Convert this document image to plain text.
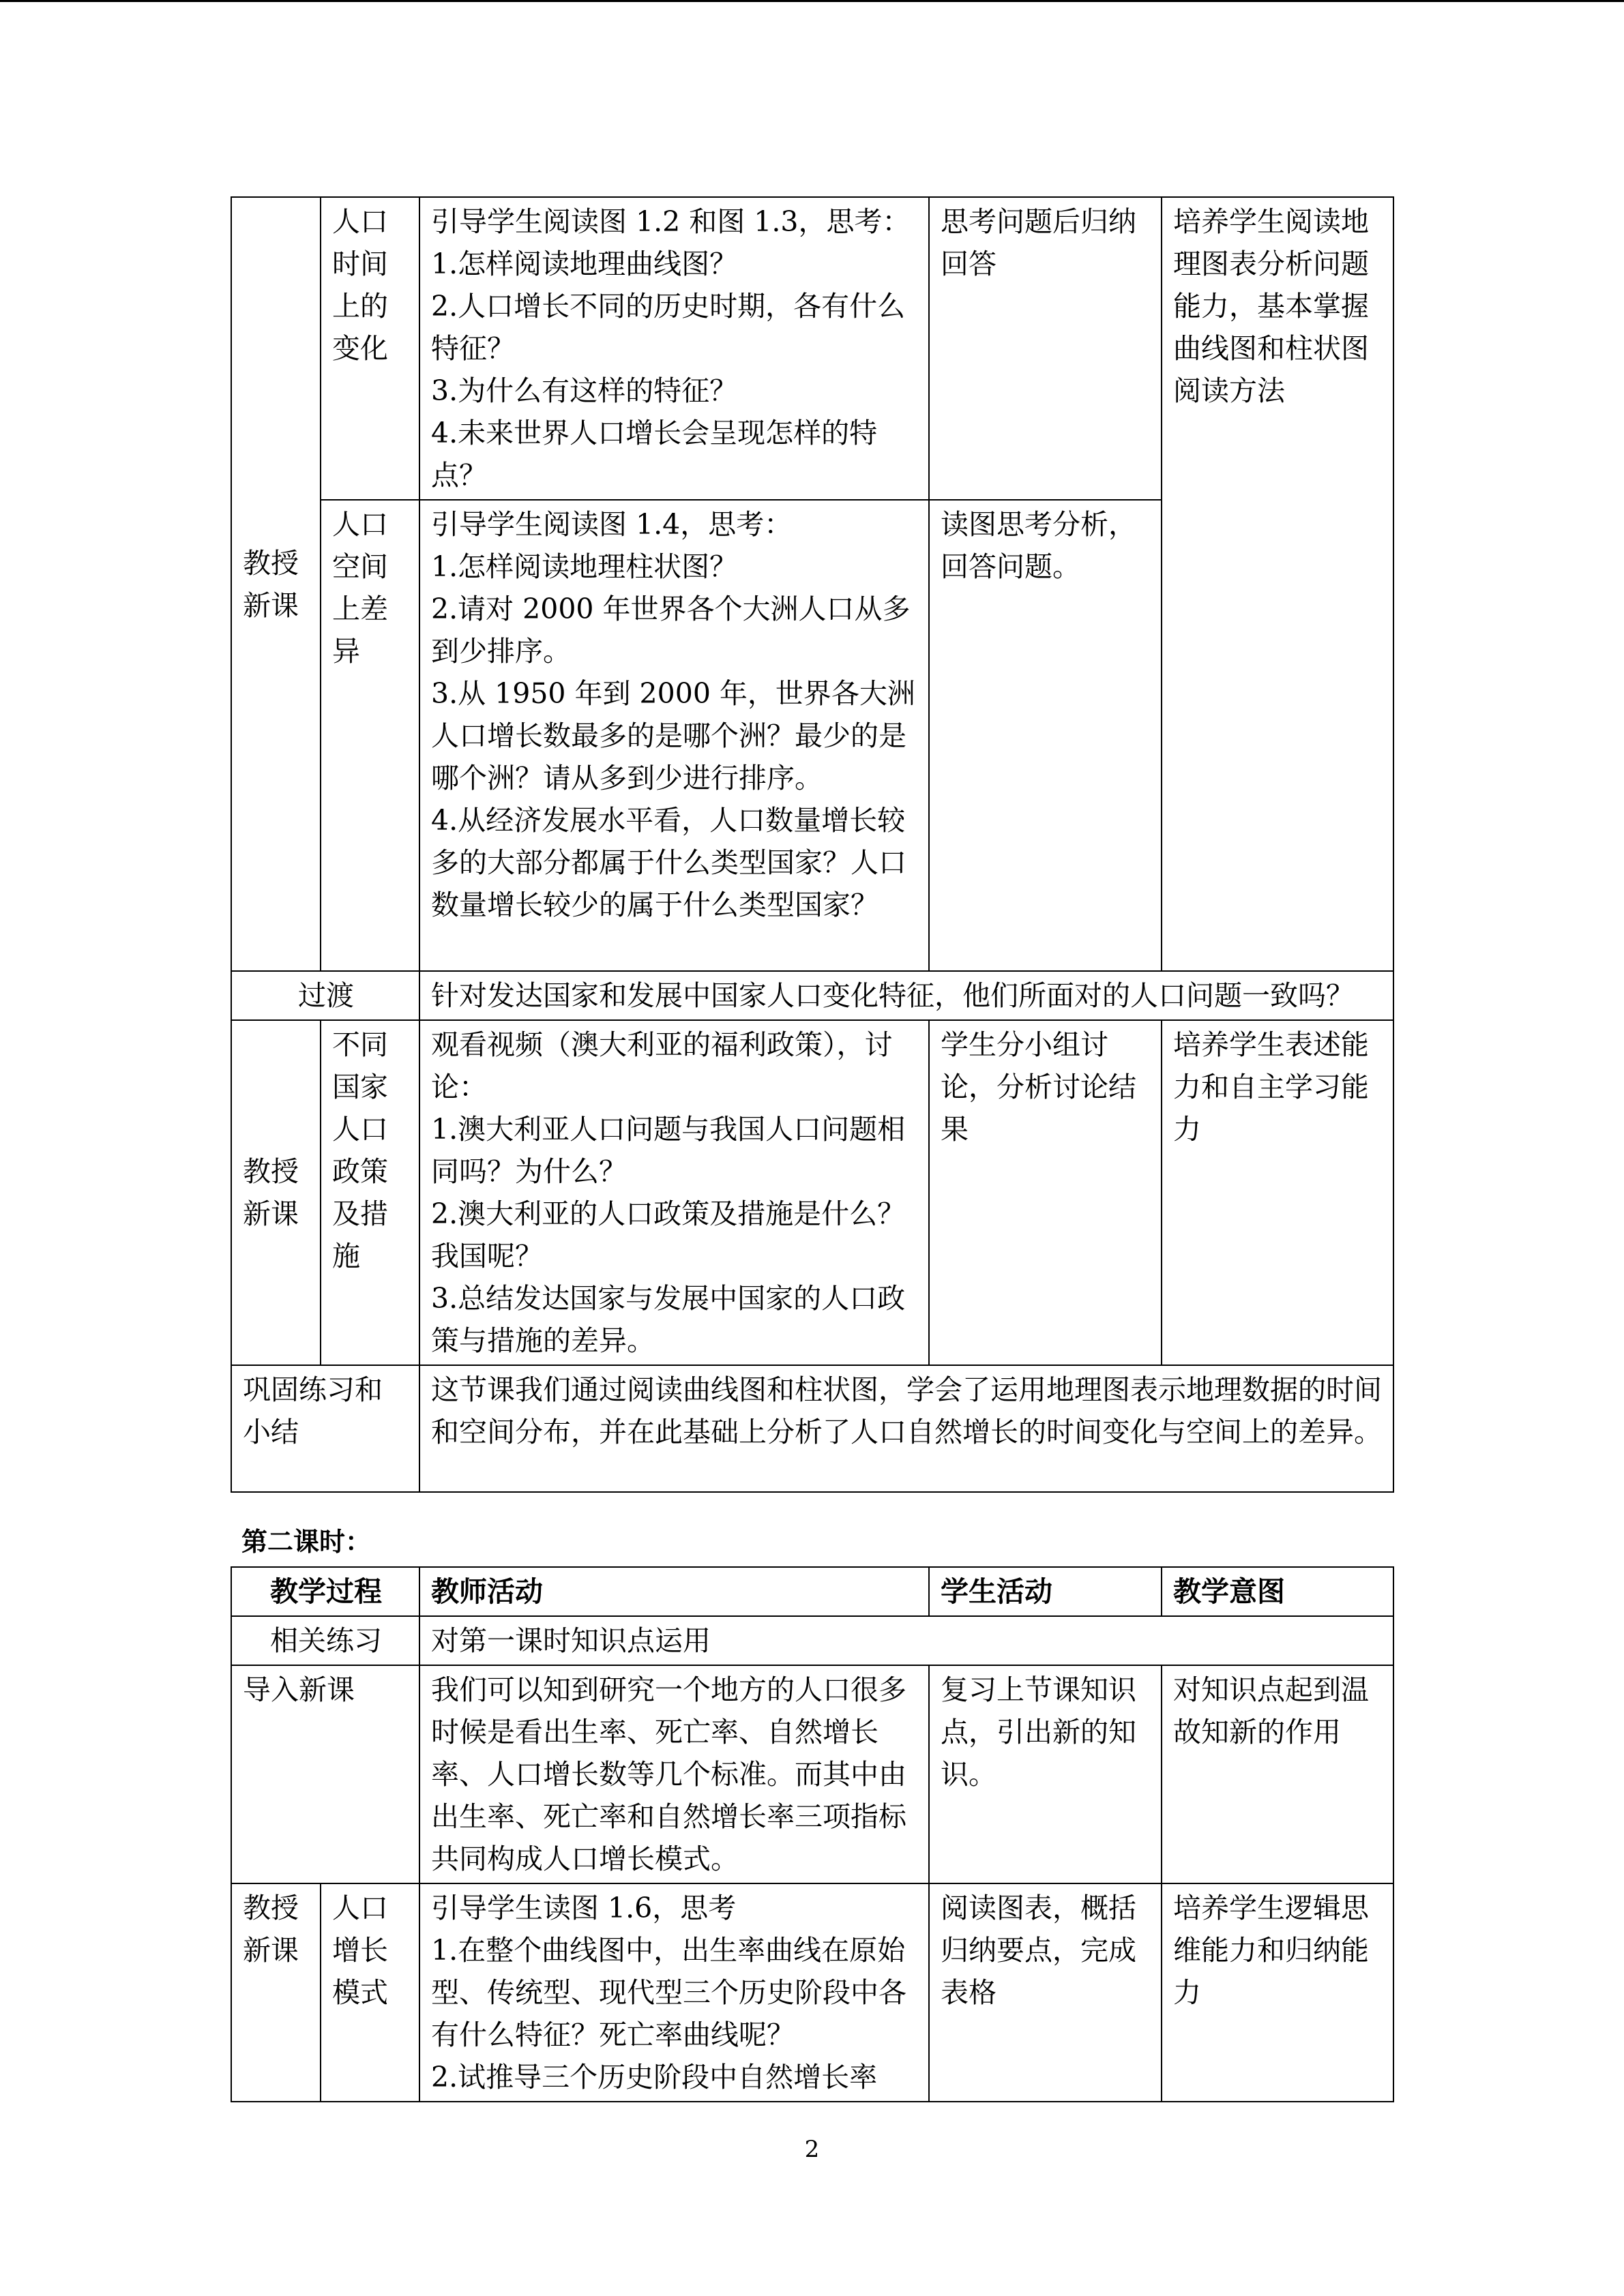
教授新课	人口时间上的变化	引导学生阅读图 1.2 和图 1.3，思考：
1.怎样阅读地理曲线图？
2.人口增长不同的历史时期，各有什么特征？
3.为什么有这样的特征？
4.未来世界人口增长会呈现怎样的特点？	思考问题后归纳回答	培养学生阅读地理图表分析问题能力，基本掌握曲线图和柱状图阅读方法
	人口空间上差异	引导学生阅读图 1.4，思考：
1.怎样阅读地理柱状图？
2.请对 2000 年世界各个大洲人口从多到少排序。
3.从 1950 年到 2000 年，世界各大洲人口增长数最多的是哪个洲？最少的是哪个洲？请从多到少进行排序。
4.从经济发展水平看，人口数量增长较多的大部分都属于什么类型国家？人口数量增长较少的属于什么类型国家？	读图思考分析，回答问题。	
过渡		针对发达国家和发展中国家人口变化特征，他们所面对的人口问题一致吗？		
教授新课	不同国家人口政策及措施	观看视频（澳大利亚的福利政策），讨论：
1.澳大利亚人口问题与我国人口问题相同吗？为什么？
2.澳大利亚的人口政策及措施是什么？我国呢？
3.总结发达国家与发展中国家的人口政策与措施的差异。	学生分小组讨论，分析讨论结果	培养学生表述能力和自主学习能力
巩固练习和小结		这节课我们通过阅读曲线图和柱状图，学会了运用地理图表示地理数据的时间和空间分布，并在此基础上分析了人口自然增长的时间变化与空间上的差异。		
第二课时：
教学过程		教师活动	学生活动	教学意图
相关练习		对第一课时知识点运用		
导入新课		我们可以知到研究一个地方的人口很多时候是看出生率、死亡率、自然增长率、人口增长数等几个标准。而其中由出生率、死亡率和自然增长率三项指标共同构成人口增长模式。	复习上节课知识点，引出新的知识。	对知识点起到温故知新的作用
教授新课	人口增长模式	引导学生读图 1.6，思考
1.在整个曲线图中，出生率曲线在原始型、传统型、现代型三个历史阶段中各有什么特征？死亡率曲线呢？
2.试推导三个历史阶段中自然增长率	阅读图表，概括归纳要点，完成表格	培养学生逻辑思维能力和归纳能力
2
